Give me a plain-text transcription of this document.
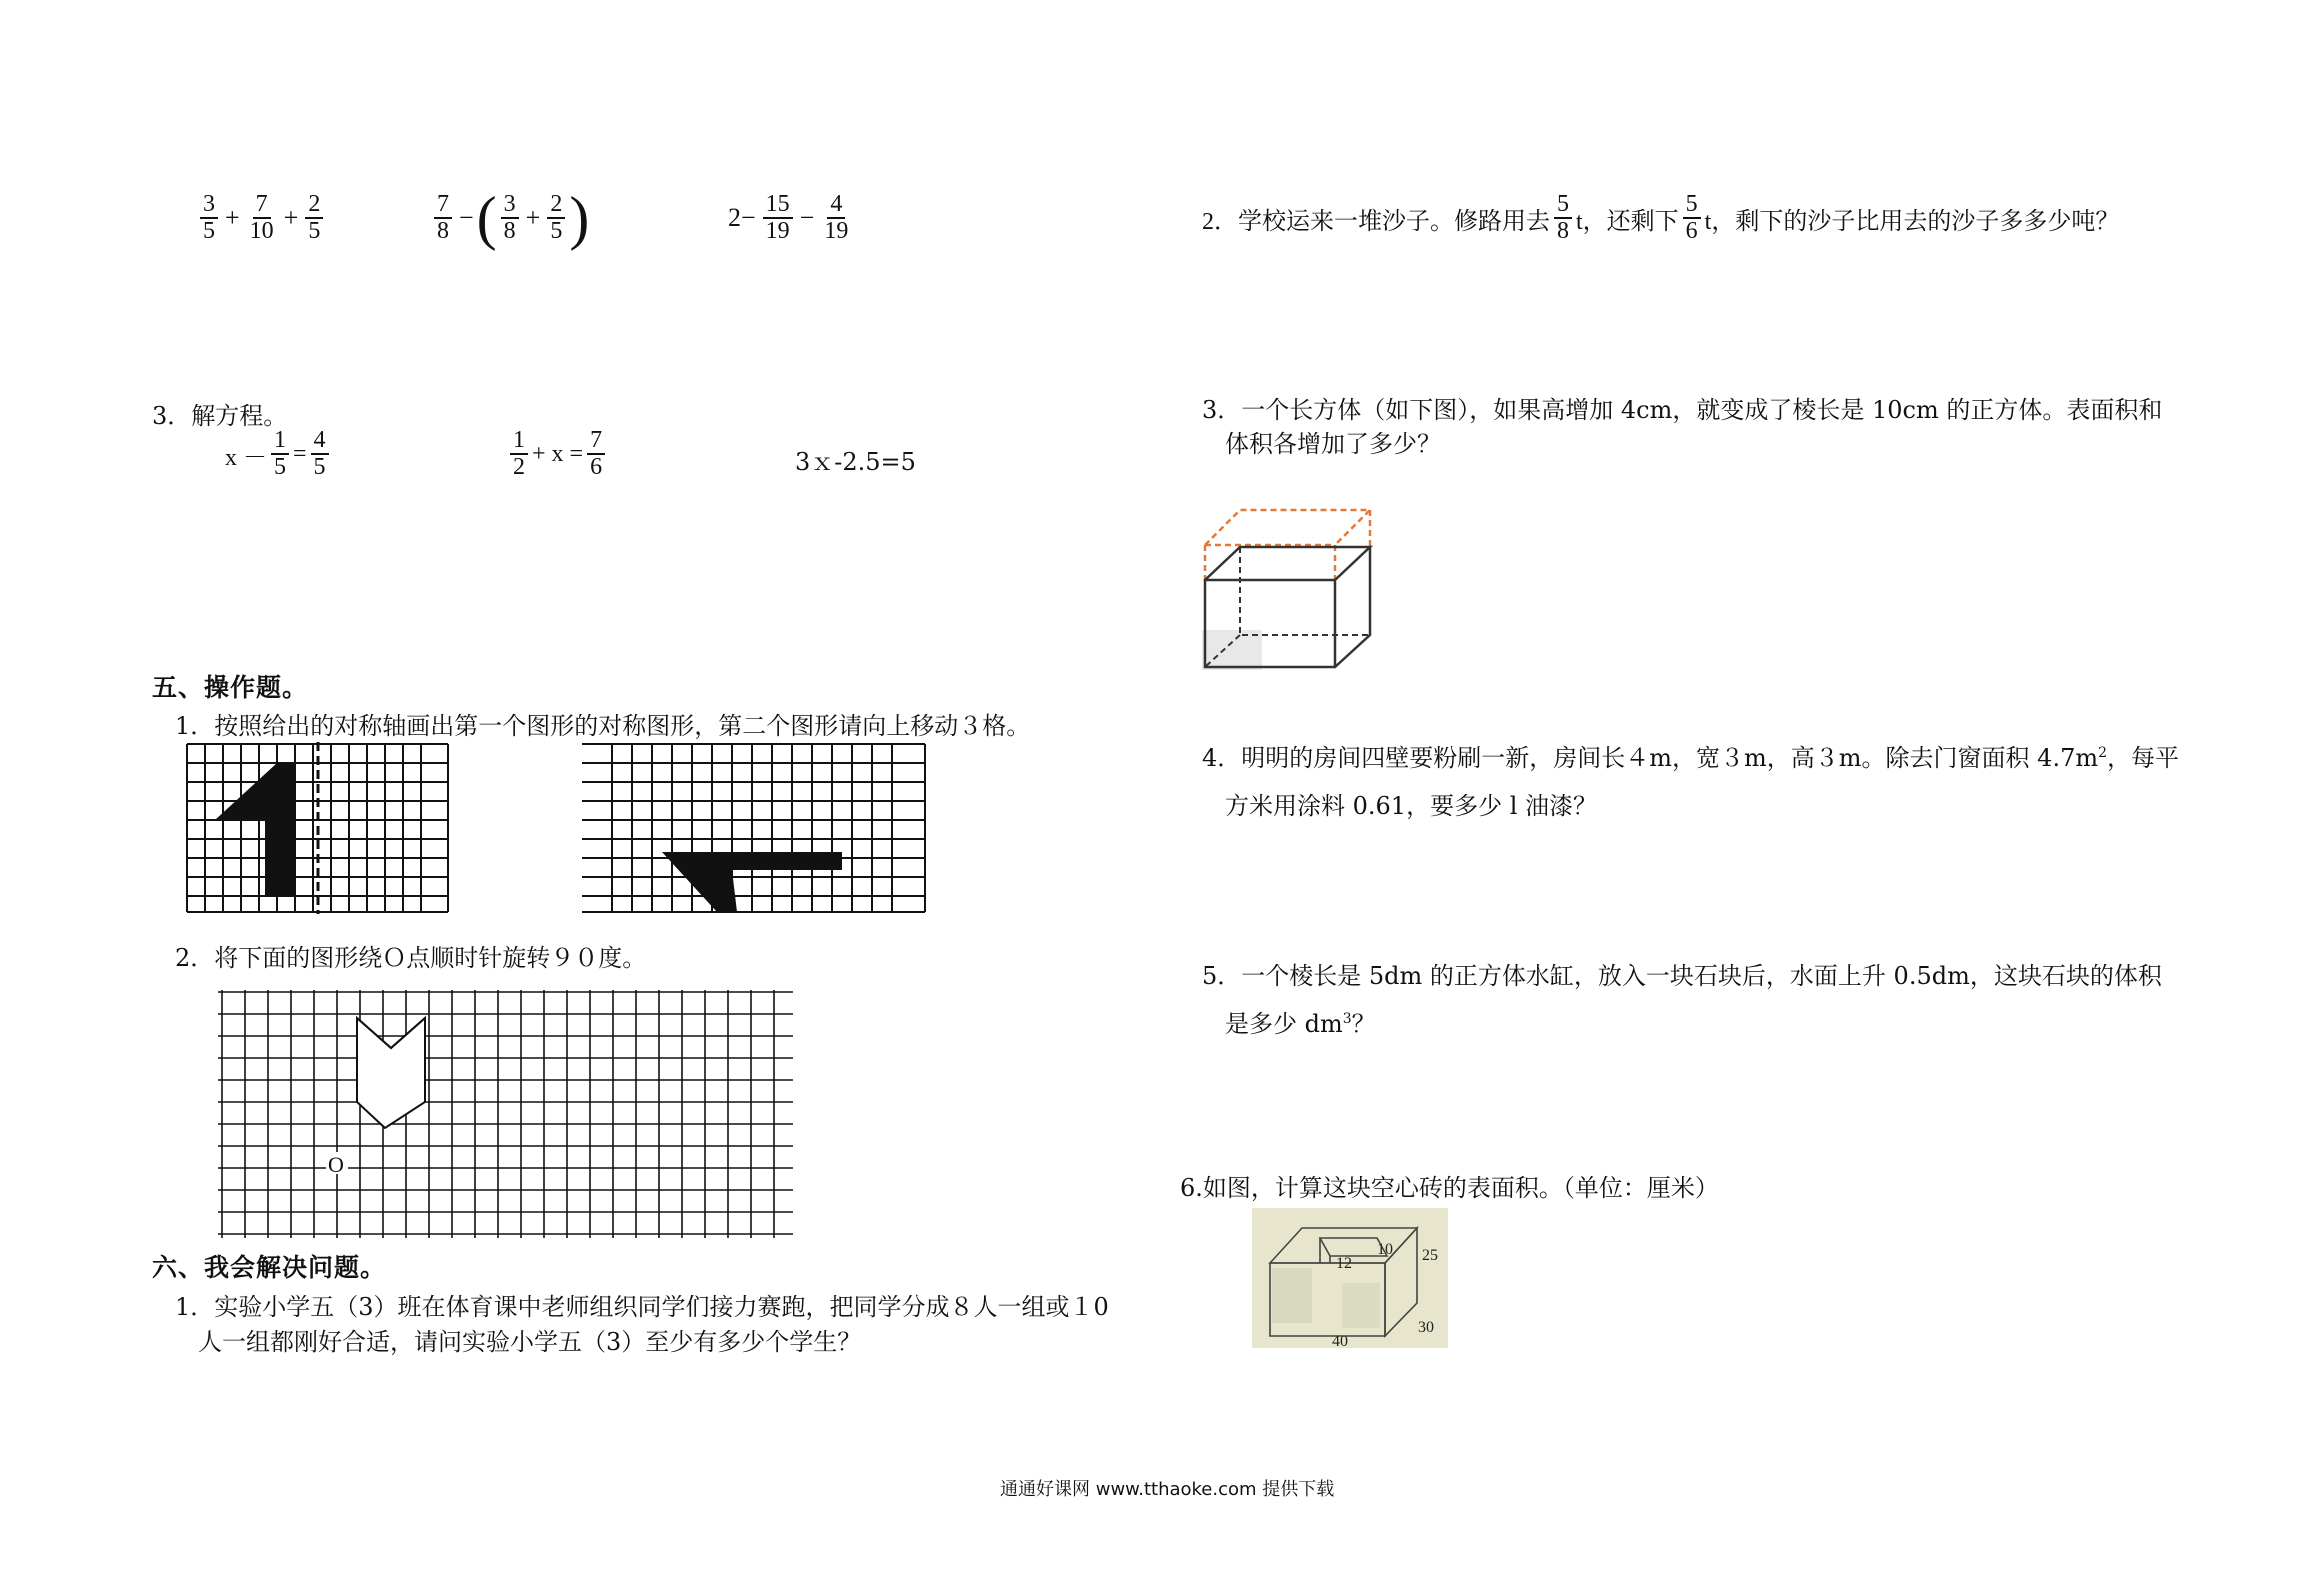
$\frac{3}{5} + \frac{7}{10} + \frac{2}{5}$	$\frac{7}{8}$ − ( $\frac{3}{8} + \frac{2}{5}$ )	$2- \frac{15}{19} - \frac{4}{19}$
3．解方程。
$x - \frac{1}{5} = \frac{4}{5}$	$\frac{1}{2} + x = \frac{7}{6}$	3ｘ-2.5=5
五、操作题。
1．按照给出的对称轴画出第一个图形的对称图形，第二个图形请向上移动３格。
2．将下面的图形绕Ｏ点顺时针旋转９０度。
O
六、我会解决问题。
1．实验小学五（3）班在体育课中老师组织同学们接力赛跑，把同学分成８人一组或１0
人一组都刚好合适，请问实验小学五（3）至少有多少个学生？
2．学校运来一堆沙子。修路用去 $\frac{5}{8}$ t，还剩下 $\frac{5}{6}$ t，剩下的沙子比用去的沙子多多少吨？
3．一个长方体（如下图），如果高增加 4cm，就变成了棱长是 10cm 的正方体。表面积和
体积各增加了多少？
4．明明的房间四壁要粉刷一新，房间长４m，宽３m，高３m。除去门窗面积 $4.7m^2$，每平
方米用涂料 0.61，要多少 l 油漆？
5．一个棱长是 5dm 的正方体水缸，放入一块石块后，水面上升 0.5dm，这块石块的体积
是多少 $dm^3$？
6.如图，计算这块空心砖的表面积。（单位：厘米）
10
12	25
30
40
通通好课网 www.tthaoke.com 提供下载
